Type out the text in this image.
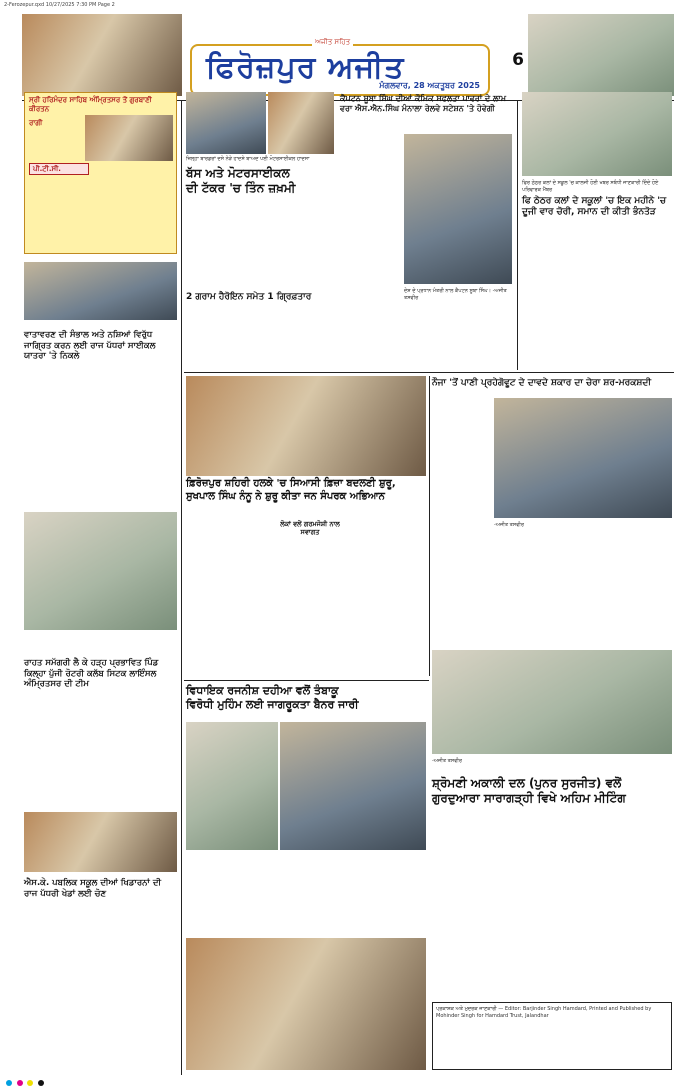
2-Ferozepur.qxd 10/27/2025 7:30 PM Page 2
ਅਜੀਤ ਸਹਿਤ
ਫਿਰੋਜ਼ਪੁਰ ਅਜੀਤ
ਮੰਗਲਵਾਰ, 28 ਅਕਤੂਬਰ 2025
6
ਸ੍ਰੀ ਹਰਿਮੰਦਰ ਸਾਹਿਬ ਅੰਮ੍ਰਿਤਸਰ ਤੋਂ ਗੁਰਬਾਣੀ ਕੀਰਤਨ
ਰਾਗੀ
ਪੀ.ਟੀ.ਸੀ.
ਵਾਤਾਵਰਣ ਦੀ ਸੰਭਾਲ ਅਤੇ ਨਸ਼ਿਆਂ ਵਿਰੁੱਧ ਜਾਗ੍ਰਿਤ ਕਰਨ ਲਈ ਰਾਜ ਪੱਧਰਾਂ ਸਾਈਕਲ ਯਾਤਰਾ 'ਤੇ ਨਿਕਲੇ
ਰਾਹਤ ਸਮੱਗਰੀ ਲੈ ਕੇ ਹੜ੍ਹ ਪ੍ਰਭਾਵਿਤ ਪਿੰਡ ਕਿਲ੍ਹਾ ਪੁੱਜੀ ਰੋਟਰੀ ਕਲੱਬ ਸਿਟਕ ਲਾਇੰਸਲ ਅੰਮ੍ਰਿਤਸਰ ਦੀ ਟੀਮ
ਐਸ.ਕੇ. ਪਬਲਿਕ ਸਕੂਲ ਦੀਆਂ ਖਿਡਾਰਨਾਂ ਦੀ ਰਾਜ ਪੱਧਰੀ ਖੇਡਾਂ ਲਈ ਚੋਣ
ਜ਼ਿਲ੍ਹਾ ਬਾਰਡਰਾਂ ਦਸੇ ਨੇੜੇ ਹਾਦਸੇ ਬਾਅਦ ਪਈ ਮੋਟਰਸਾਈਕਲ ਹਾਦਸਾ
ਬੱਸ ਅਤੇ ਮੋਟਰਸਾਈਕਲ
ਦੀ ਟੱਕਰ 'ਚ ਤਿੰਨ ਜ਼ਖ਼ਮੀ
2 ਗਰਾਮ ਹੈਰੋਇਨ ਸਮੇਤ 1 ਗ੍ਰਿਫ਼ਤਾਰ
ਕੈਪਟਨ ਸੂਬਾ ਸਿੰਘ ਦੀਆਂ ਕੌਮਿਕ ਸਫਲਤਾ ਪਾਵਰਾਂ ਦੇ ਲਾਮ ਵਰਾ ਐਸ.ਐਨ.ਸਿੰਘ ਮੰਨਾਲਾ ਰੇਲਵੇ ਸਟੇਸ਼ਨ 'ਤੇ ਹੋਵੇਗੀ
ਦੇਸ਼ ਦੇ ਪ੍ਰਧਾਨ ਮੰਤਰੀ ਨਾਲ ਕੈਪਟਨ ਸੂਬਾ ਸਿੰਘ। -ਅਜੀਤ ਤਸਵੀਰ
ਫਿਰ ਠੇਠਰ ਕਲਾਂ ਦੇ ਸਕੂਲ 'ਚ ਕਾਲਜੀ ਹੋਈ ਖਬਰ ਸਬੰਧੀ ਜਾਣਕਾਰੀ ਦਿੰਦੇ ਹੋਏ ਪਰਿਵਾਰਕ ਮੈਂਬਰ
ਫਿ ਠੇਠਰ ਕਲਾਂ ਦੇ ਸਕੂਲਾਂ 'ਚ ਇਕ ਮਹੀਨੇ 'ਚ
ਦੂਜੀ ਵਾਰ ਚੋਰੀ, ਸਮਾਨ ਦੀ ਕੀਤੀ ਭੰਨਤੋੜ
ਫ਼ਿਰੋਜ਼ਪੁਰ ਸ਼ਹਿਰੀ ਹਲਕੇ 'ਚ ਸਿਆਸੀ ਫ਼ਿਜ਼ਾ ਬਦਲਣੀ ਸ਼ੁਰੂ,
ਸੁਖਪਾਲ ਸਿੰਘ ਨੰਨੂ ਨੇ ਸ਼ੁਰੂ ਕੀਤਾ ਜਨ ਸੰਪਰਕ ਅਭਿਆਨ
ਲੋਕਾਂ ਵਲੋਂ ਗਰਮਜੋਸ਼ੀ ਨਾਲ ਸਵਾਗਤ
ਨੌਜਾ 'ਤੋਂ ਪਾਣੀ ਪ੍ਰਹੇਗੋਵੂਟ ਦੇ ਦਾਵਦੇ ਸ਼ਕਾਰ ਦਾ ਚੇਰਾ ਸ਼ਰ-ਮਰਕਸ਼ਦੀ
-ਅਜੀਤ ਤਸਵੀਰ
ਵਿਧਾਇਕ ਰਜਨੀਸ਼ ਦਹੀਆ ਵਲੋਂ ਤੰਬਾਕੂ
ਵਿਰੋਧੀ ਮੁਹਿੰਮ ਲਈ ਜਾਗਰੂਕਤਾ ਬੈਨਰ ਜਾਰੀ
-ਅਜੀਤ ਤਸਵੀਰ
ਸ਼੍ਰੋਮਣੀ ਅਕਾਲੀ ਦਲ (ਪੁਨਰ ਸੁਰਜੀਤ) ਵਲੋਂ
ਗੁਰਦੁਆਰਾ ਸਾਰਾਗੜ੍ਹੀ ਵਿਖੇ ਅਹਿਮ ਮੀਟਿੰਗ
ਪ੍ਰਕਾਸ਼ਕ ਅਤੇ ਮੁਦਰਕ ਜਾਣਕਾਰੀ — Editor: Barjinder Singh Hamdard, Printed and Published by Mohinder Singh for Hamdard Trust, Jalandhar
